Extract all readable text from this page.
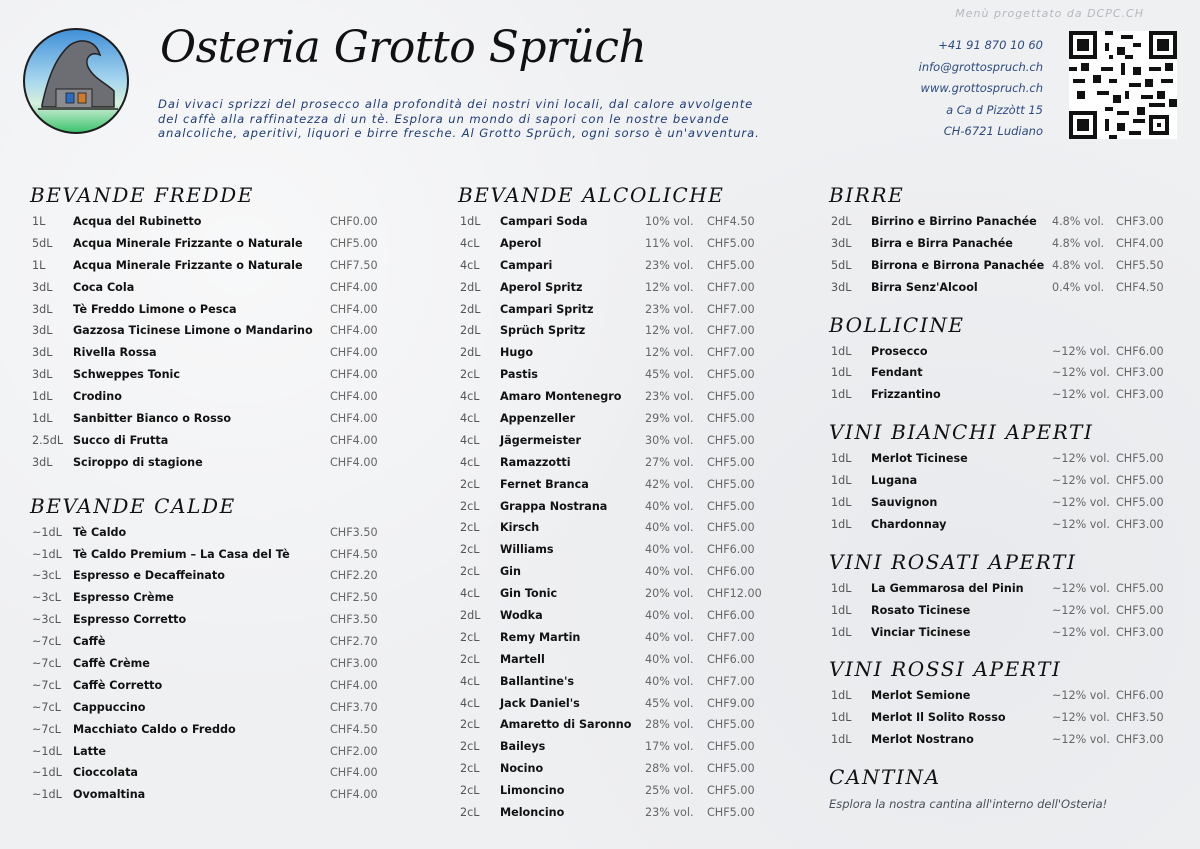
Menù progettato da DCPC.CH
Osteria Grotto Sprüch
Dai vivaci sprizzi del prosecco alla profondità dei nostri vini locali, dal calore avvolgente del caffè alla raffinatezza di un tè. Esplora un mondo di sapori con le nostre bevande analcoliche, aperitivi, liquori e birre fresche. Al Grotto Sprüch, ogni sorso è un'avventura.
+41 91 870 10 60
info@grottospruch.ch
www.grottospruch.ch
a Ca d Pizzòtt 15
CH-6721 Ludiano
BEVANDE FREDDE
1L Acqua del Rubinetto	CHF0.00
5dL Acqua Minerale Frizzante o Naturale CHF5.00
1L Acqua Minerale Frizzante o Naturale CHF7.50
3dL Coca Cola	CHF4.00
3dL Tè Freddo Limone o Pesca	CHF4.00
3dL Gazzosa Ticinese Limone o Mandarino CHF4.00
3dL Rivella Rossa	CHF4.00
3dL Schweppes Tonic	CHF4.00
1dL Crodino	CHF4.00
1dL Sanbitter Bianco o Rosso	CHF4.00
2.5dL Succo di Frutta	CHF4.00
3dL Sciroppo di stagione	CHF4.00
BEVANDE CALDE
~1dL Tè Caldo	CHF3.50
~1dL Tè Caldo Premium – La Casa del Tè	CHF4.50
~3cL Espresso e Decaffeinato	CHF2.20
~3cL Espresso Crème	CHF2.50
~3cL Espresso Corretto	CHF3.50
~7cL Caffè	CHF2.70
~7cL Caffè Crème	CHF3.00
~7cL Caffè Corretto	CHF4.00
~7cL Cappuccino	CHF3.70
~7cL Macchiato Caldo o Freddo	CHF4.50
~1dL Latte	CHF2.00
~1dL Cioccolata	CHF4.00
~1dL Ovomaltina	CHF4.00
BEVANDE ALCOLICHE
1dL Campari Soda	10% vol. CHF4.50
4cL Aperol	11% vol. CHF5.00
4cL Campari	23% vol. CHF5.00
2dL Aperol Spritz	12% vol. CHF7.00
2dL Campari Spritz	23% vol. CHF7.00
2dL Sprüch Spritz	12% vol. CHF7.00
2dL Hugo	12% vol. CHF7.00
2cL Pastis	45% vol. CHF5.00
4cL Amaro Montenegro 23% vol. CHF5.00
4cL Appenzeller	29% vol. CHF5.00
4cL Jägermeister	30% vol. CHF5.00
4cL Ramazzotti	27% vol. CHF5.00
2cL Fernet Branca	42% vol. CHF5.00
2cL Grappa Nostrana	40% vol. CHF5.00
2cL Kirsch	40% vol. CHF5.00
2cL Williams	40% vol. CHF6.00
2cL Gin	40% vol. CHF6.00
4cL Gin Tonic	20% vol. CHF12.00
2dL Wodka	40% vol. CHF6.00
2cL Remy Martin	40% vol. CHF7.00
2cL Martell	40% vol. CHF6.00
4cL Ballantine's	40% vol. CHF7.00
4cL Jack Daniel's	45% vol. CHF9.00
2cL Amaretto di Saronno 28% vol. CHF5.00
2cL Baileys	17% vol. CHF5.00
2cL Nocino	28% vol. CHF5.00
2cL Limoncino	25% vol. CHF5.00
2cL Meloncino	23% vol. CHF5.00
BIRRE
2dL Birrino e Birrino Panachée 4.8% vol. CHF3.00
3dL Birra e Birra Panachée	4.8% vol. CHF4.00
5dL Birrona e Birrona Panachée 4.8% vol. CHF5.50
3dL Birra Senz'Alcool	0.4% vol. CHF4.50
BOLLICINE
1dL Prosecco	~12% vol. CHF6.00
1dL Fendant	~12% vol. CHF3.00
1dL Frizzantino	~12% vol. CHF3.00
VINI BIANCHI APERTI
1dL Merlot Ticinese	~12% vol. CHF5.00
1dL Lugana	~12% vol. CHF5.00
1dL Sauvignon	~12% vol. CHF5.00
1dL Chardonnay	~12% vol. CHF3.00
VINI ROSATI APERTI
1dL La Gemmarosa del Pinin	~12% vol. CHF5.00
1dL Rosato Ticinese	~12% vol. CHF5.00
1dL Vinciar Ticinese	~12% vol. CHF3.00
VINI ROSSI APERTI
1dL Merlot Semione	~12% vol. CHF6.00
1dL Merlot Il Solito Rosso	~12% vol. CHF3.50
1dL Merlot Nostrano	~12% vol. CHF3.00
CANTINA
Esplora la nostra cantina all'interno dell'Osteria!
